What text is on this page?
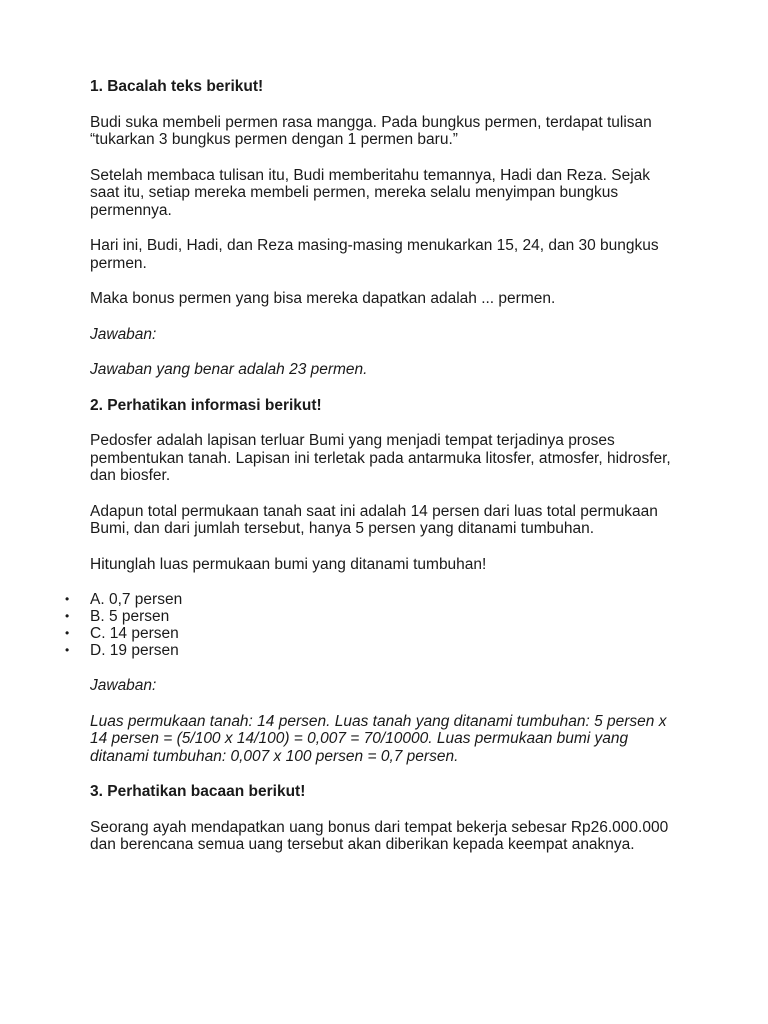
1. Bacalah teks berikut!

Budi suka membeli permen rasa mangga. Pada bungkus permen, terdapat tulisan “tukarkan 3 bungkus permen dengan 1 permen baru.”

Setelah membaca tulisan itu, Budi memberitahu temannya, Hadi dan Reza. Sejak saat itu, setiap mereka membeli permen, mereka selalu menyimpan bungkus permennya.

Hari ini, Budi, Hadi, dan Reza masing-masing menukarkan 15, 24, dan 30 bungkus permen.

Maka bonus permen yang bisa mereka dapatkan adalah ... permen.

Jawaban:

Jawaban yang benar adalah 23 permen.

2. Perhatikan informasi berikut!

Pedosfer adalah lapisan terluar Bumi yang menjadi tempat terjadinya proses pembentukan tanah. Lapisan ini terletak pada antarmuka litosfer, atmosfer, hidrosfer, dan biosfer.

Adapun total permukaan tanah saat ini adalah 14 persen dari luas total permukaan Bumi, dan dari jumlah tersebut, hanya 5 persen yang ditanami tumbuhan.

Hitunglah luas permukaan bumi yang ditanami tumbuhan!

• A. 0,7 persen
• B. 5 persen
• C. 14 persen
• D. 19 persen

Jawaban:

Luas permukaan tanah: 14 persen. Luas tanah yang ditanami tumbuhan: 5 persen x 14 persen = (5/100 x 14/100) = 0,007 = 70/10000. Luas permukaan bumi yang ditanami tumbuhan: 0,007 x 100 persen = 0,7 persen.

3. Perhatikan bacaan berikut!

Seorang ayah mendapatkan uang bonus dari tempat bekerja sebesar Rp26.000.000 dan berencana semua uang tersebut akan diberikan kepada keempat anaknya.
